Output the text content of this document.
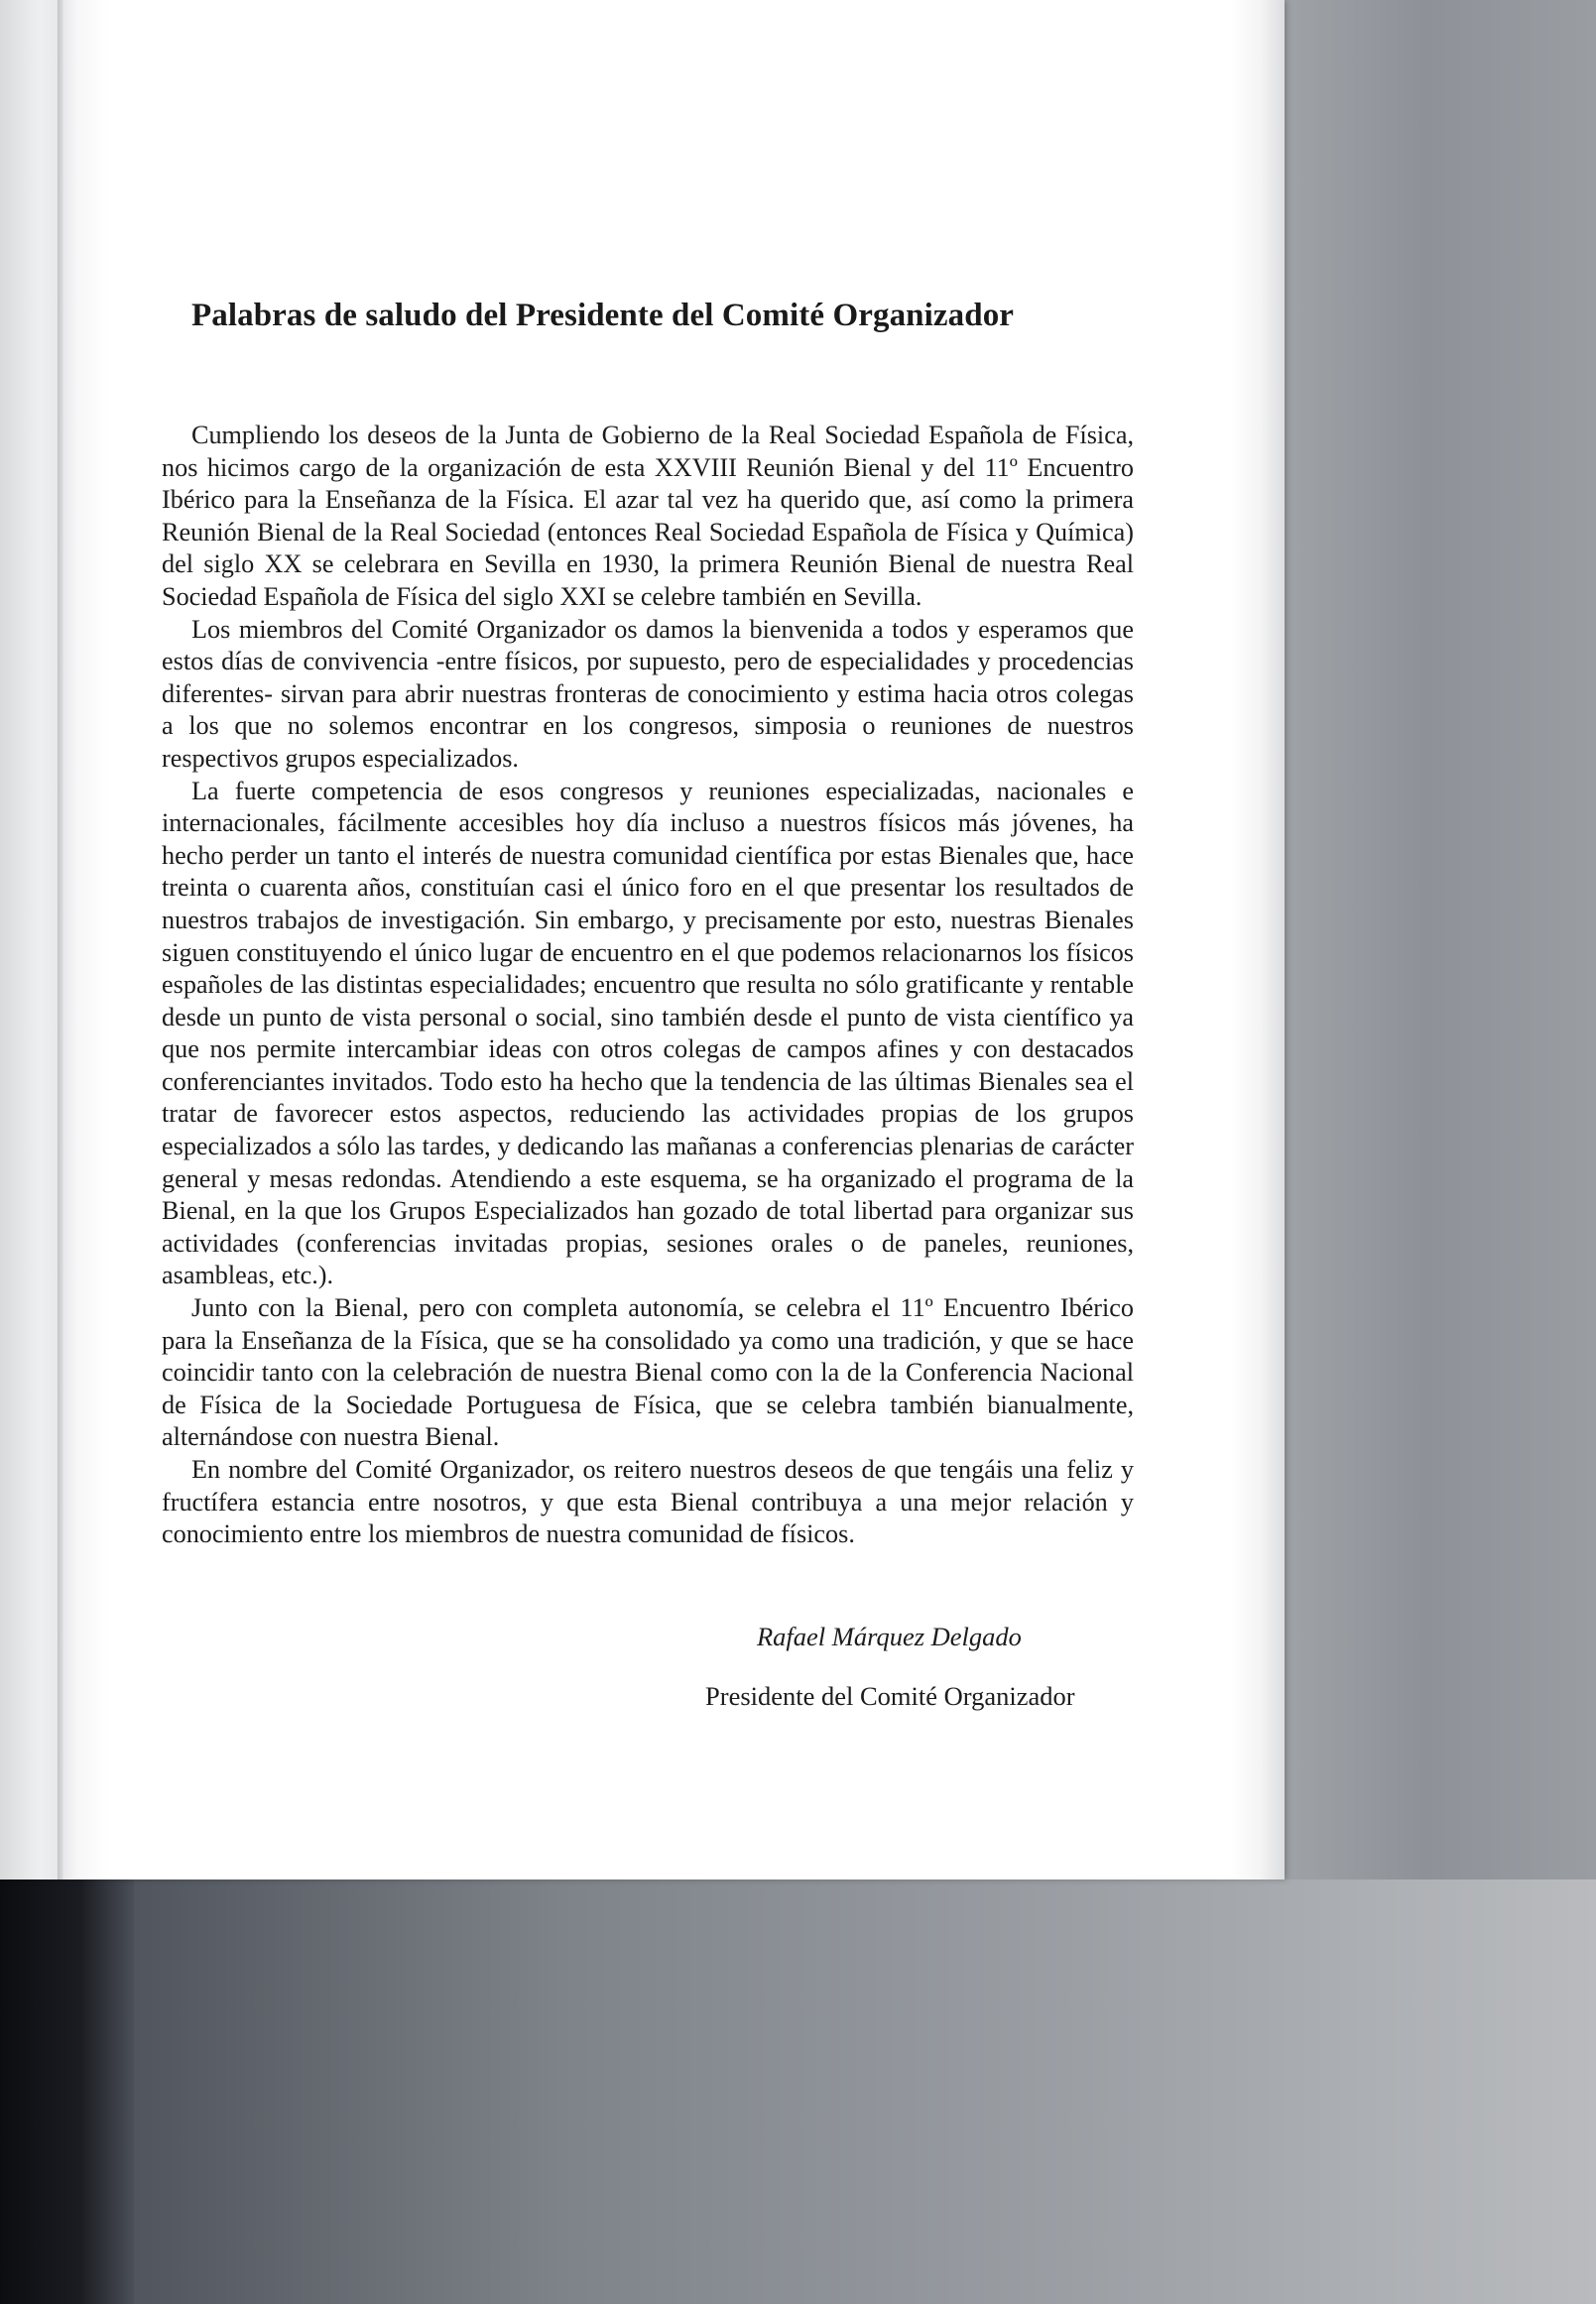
Palabras de saludo del Presidente del Comité Organizador

Cumpliendo los deseos de la Junta de Gobierno de la Real Sociedad Española de Física, nos hicimos cargo de la organización de esta XXVIII Reunión Bienal y del 11º Encuentro Ibérico para la Enseñanza de la Física. El azar tal vez ha querido que, así como la primera Reunión Bienal de la Real Sociedad (entonces Real Sociedad Española de Física y Química) del siglo XX se celebrara en Sevilla en 1930, la primera Reunión Bienal de nuestra Real Sociedad Española de Física del siglo XXI se celebre también en Sevilla.

Los miembros del Comité Organizador os damos la bienvenida a todos y esperamos que estos días de convivencia -entre físicos, por supuesto, pero de especialidades y procedencias diferentes- sirvan para abrir nuestras fronteras de conocimiento y estima hacia otros colegas a los que no solemos encontrar en los congresos, simposia o reuniones de nuestros respectivos grupos especializados.

La fuerte competencia de esos congresos y reuniones especializadas, nacionales e internacionales, fácilmente accesibles hoy día incluso a nuestros físicos más jóvenes, ha hecho perder un tanto el interés de nuestra comunidad científica por estas Bienales que, hace treinta o cuarenta años, constituían casi el único foro en el que presentar los resultados de nuestros trabajos de investigación. Sin embargo, y precisamente por esto, nuestras Bienales siguen constituyendo el único lugar de encuentro en el que podemos relacionarnos los físicos españoles de las distintas especialidades; encuentro que resulta no sólo gratificante y rentable desde un punto de vista personal o social, sino también desde el punto de vista científico ya que nos permite intercambiar ideas con otros colegas de campos afines y con destacados conferenciantes invitados. Todo esto ha hecho que la tendencia de las últimas Bienales sea el tratar de favorecer estos aspectos, reduciendo las actividades propias de los grupos especializados a sólo las tardes, y dedicando las mañanas a conferencias plenarias de carácter general y mesas redondas. Atendiendo a este esquema, se ha organizado el programa de la Bienal, en la que los Grupos Especializados han gozado de total libertad para organizar sus actividades (conferencias invitadas propias, sesiones orales o de paneles, reuniones, asambleas, etc.).

Junto con la Bienal, pero con completa autonomía, se celebra el 11º Encuentro Ibérico para la Enseñanza de la Física, que se ha consolidado ya como una tradición, y que se hace coincidir tanto con la celebración de nuestra Bienal como con la de la Conferencia Nacional de Física de la Sociedade Portuguesa de Física, que se celebra también bianualmente, alternándose con nuestra Bienal.

En nombre del Comité Organizador, os reitero nuestros deseos de que tengáis una feliz y fructífera estancia entre nosotros, y que esta Bienal contribuya a una mejor relación y conocimiento entre los miembros de nuestra comunidad de físicos.

Rafael Márquez Delgado

Presidente del Comité Organizador
